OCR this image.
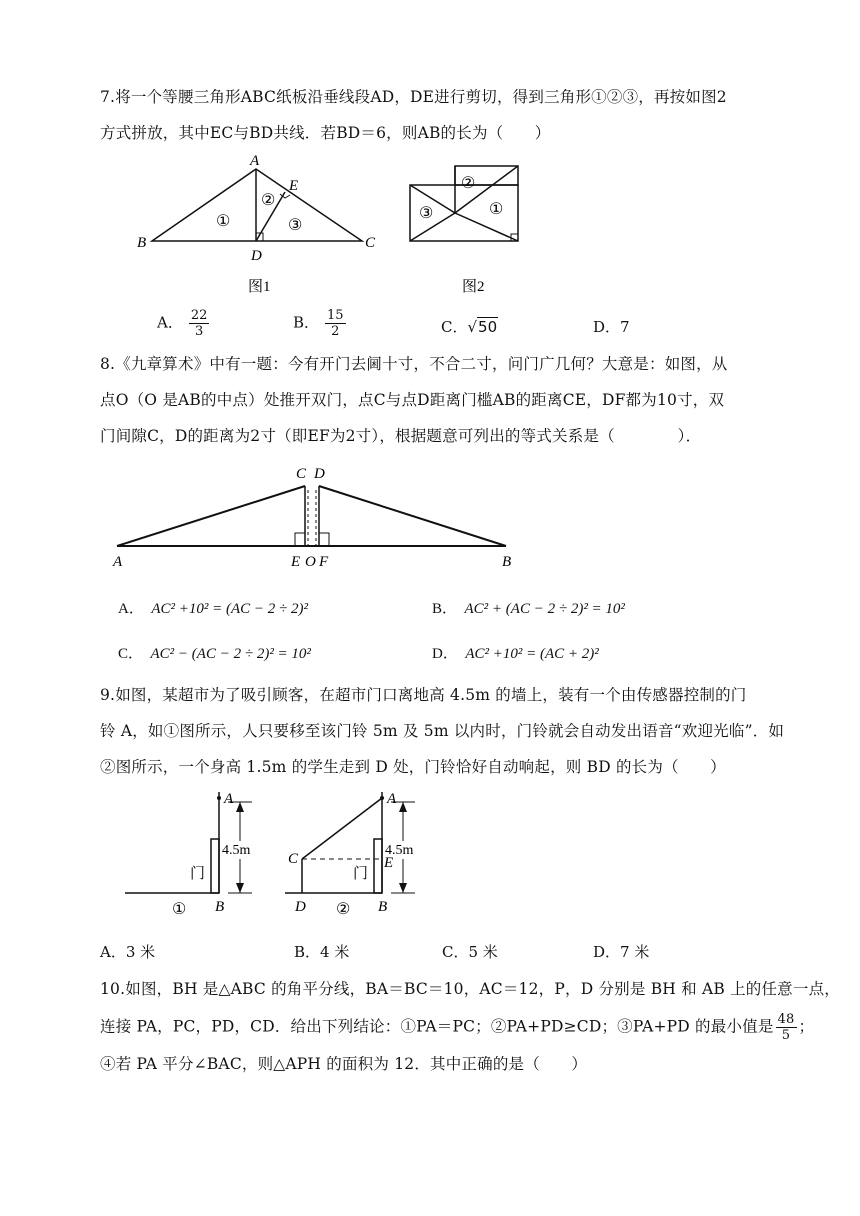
7.将一个等腰三角形ABC纸板沿垂线段AD，DE进行剪切，得到三角形①②③，再按如图2
方式拼放，其中EC与BD共线．若BD＝6，则AB的长为（　　）
A
B	C
D
E
①
②
③
图1
①
②
③
图2
A． $\frac{22}{3}$	B． $\frac{15}{2}$	C．√50	D．7
8.《九章算术》中有一题：今有开门去阃十寸，不合二寸，问门广几何？大意是：如图，从
点O（O 是AB的中点）处推开双门，点C与点D距离门槛AB的距离CE，DF都为10寸，双
门间隙C，D的距离为2寸（即EF为2寸），根据题意可列出的等式关系是（　　　　）．
C D
A	B
E O F
A． AC² +10² = (AC − 2 ÷ 2)²	B． AC² + (AC − 2 ÷ 2)² = 10²
C． AC² − (AC − 2 ÷ 2)² = 10²	D． AC² +10² = (AC + 2)²
9.如图，某超市为了吸引顾客，在超市门口离地高 4.5m 的墙上，装有一个由传感器控制的门
铃 A，如①图所示，人只要移至该门铃 5m 及 5m 以内时，门铃就会自动发出语音“欢迎光临”．如
②图所示，一个身高 1.5m 的学生走到 D 处，门铃恰好自动响起，则 BD 的长为（　　）
4.5m
A
B
门
①
4.5m
A
B
C
D
E
门
②
A．3 米	B．4 米	C．5 米	D．7 米
10.如图，BH 是△ABC 的角平分线，BA＝BC＝10，AC＝12，P，D 分别是 BH 和 AB 上的任意一点，
连接 PA，PC，PD，CD．给出下列结论：①PA＝PC；②PA+PD≥CD；③PA+PD 的最小值是 $\frac{48}{5}$ ；
④若 PA 平分∠BAC，则△APH 的面积为 12．其中正确的是（　　）
